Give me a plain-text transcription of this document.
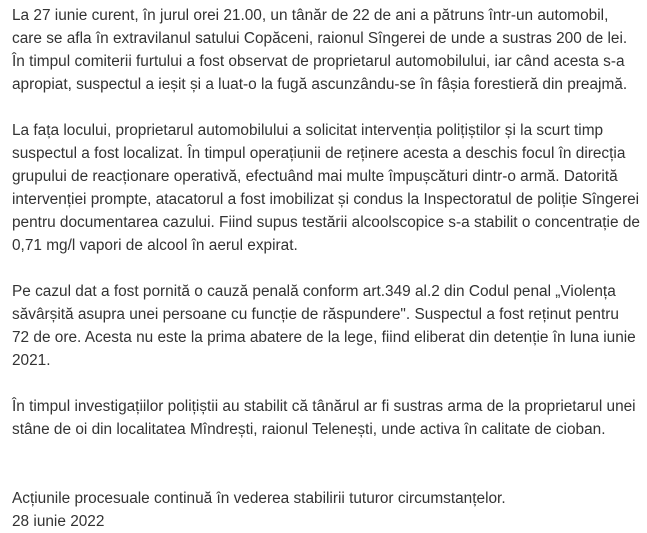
La 27 iunie curent, în jurul orei 21.00, un tânăr de 22 de ani a pătruns într-un automobil, care se afla în extravilanul satului Copăceni, raionul Sîngerei de unde a sustras 200 de lei. În timpul comiterii furtului a fost observat de proprietarul automobilului, iar când acesta s-a apropiat, suspectul a ieșit și a luat-o la fugă ascunzându-se în fâșia forestieră din preajmă.

La fața locului, proprietarul automobilului a solicitat intervenția polițiștilor și la scurt timp suspectul a fost localizat. În timpul operațiunii de reținere acesta a deschis focul în direcția grupului de reacționare operativă, efectuând mai multe împușcături dintr-o armă. Datorită intervenției prompte, atacatorul a fost imobilizat și condus la Inspectoratul de poliție Sîngerei pentru documentarea cazului. Fiind supus testării alcoolscopice s-a stabilit o concentrație de 0,71 mg/l vapori de alcool în aerul expirat.

Pe cazul dat a fost pornită o cauză penală conform art.349 al.2 din Codul penal „Violența săvârșită asupra unei persoane cu funcție de răspundere". Suspectul a fost reținut pentru 72 de ore. Acesta nu este la prima abatere de la lege, fiind eliberat din detenție în luna iunie 2021.

În timpul investigațiilor polițiștii au stabilit că tânărul ar fi sustras arma de la proprietarul unei stâne de oi din localitatea Mîndrești, raionul Telenești, unde activa în calitate de cioban.

Acțiunile procesuale continuă în vederea stabilirii tuturor circumstanțelor.
28 iunie 2022
